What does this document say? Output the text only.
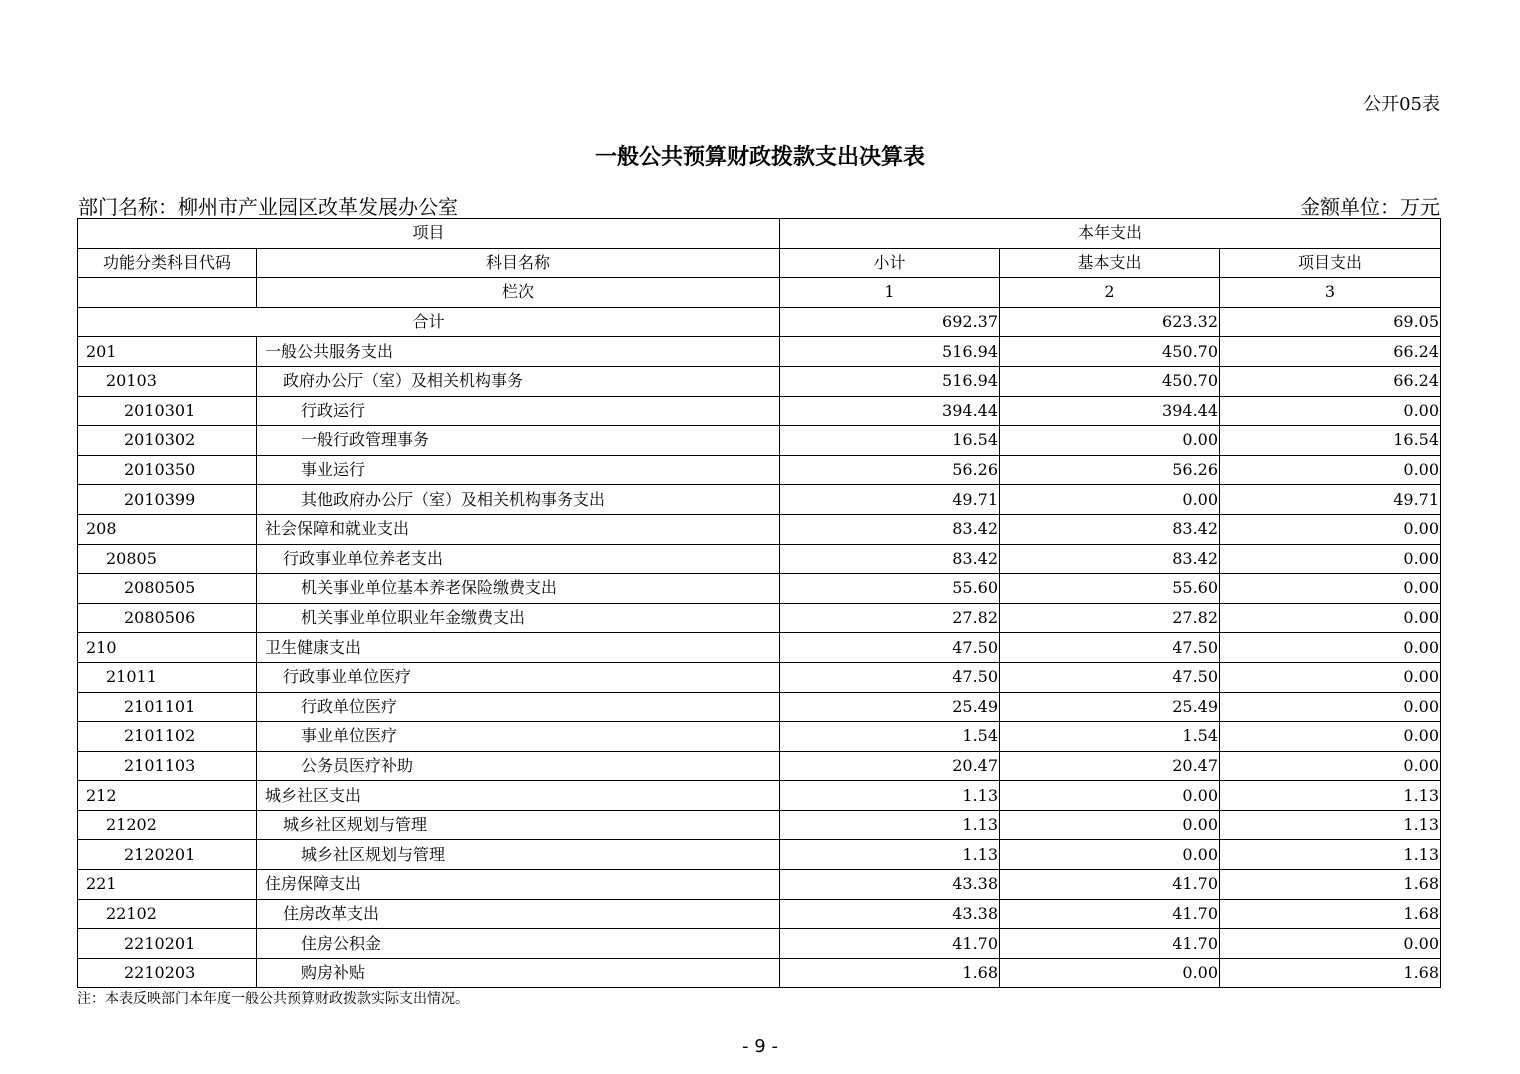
公开05表
一般公共预算财政拨款支出决算表
部门名称：柳州市产业园区改革发展办公室	金额单位：万元
项目		本年支出		
功能分类科目代码	科目名称	小计	基本支出	项目支出
	栏次	1	2	3
合计		692.37	623.32	69.05
201	一般公共服务支出	516.94	450.70	66.24
20103	政府办公厅（室）及相关机构事务	516.94	450.70	66.24
2010301	行政运行	394.44	394.44	0.00
2010302	一般行政管理事务	16.54	0.00	16.54
2010350	事业运行	56.26	56.26	0.00
2010399	其他政府办公厅（室）及相关机构事务支出	49.71	0.00	49.71
208	社会保障和就业支出	83.42	83.42	0.00
20805	行政事业单位养老支出	83.42	83.42	0.00
2080505	机关事业单位基本养老保险缴费支出	55.60	55.60	0.00
2080506	机关事业单位职业年金缴费支出	27.82	27.82	0.00
210	卫生健康支出	47.50	47.50	0.00
21011	行政事业单位医疗	47.50	47.50	0.00
2101101	行政单位医疗	25.49	25.49	0.00
2101102	事业单位医疗	1.54	1.54	0.00
2101103	公务员医疗补助	20.47	20.47	0.00
212	城乡社区支出	1.13	0.00	1.13
21202	城乡社区规划与管理	1.13	0.00	1.13
2120201	城乡社区规划与管理	1.13	0.00	1.13
221	住房保障支出	43.38	41.70	1.68
22102	住房改革支出	43.38	41.70	1.68
2210201	住房公积金	41.70	41.70	0.00
2210203	购房补贴	1.68	0.00	1.68
注：本表反映部门本年度一般公共预算财政拨款实际支出情况。
- 9 -
